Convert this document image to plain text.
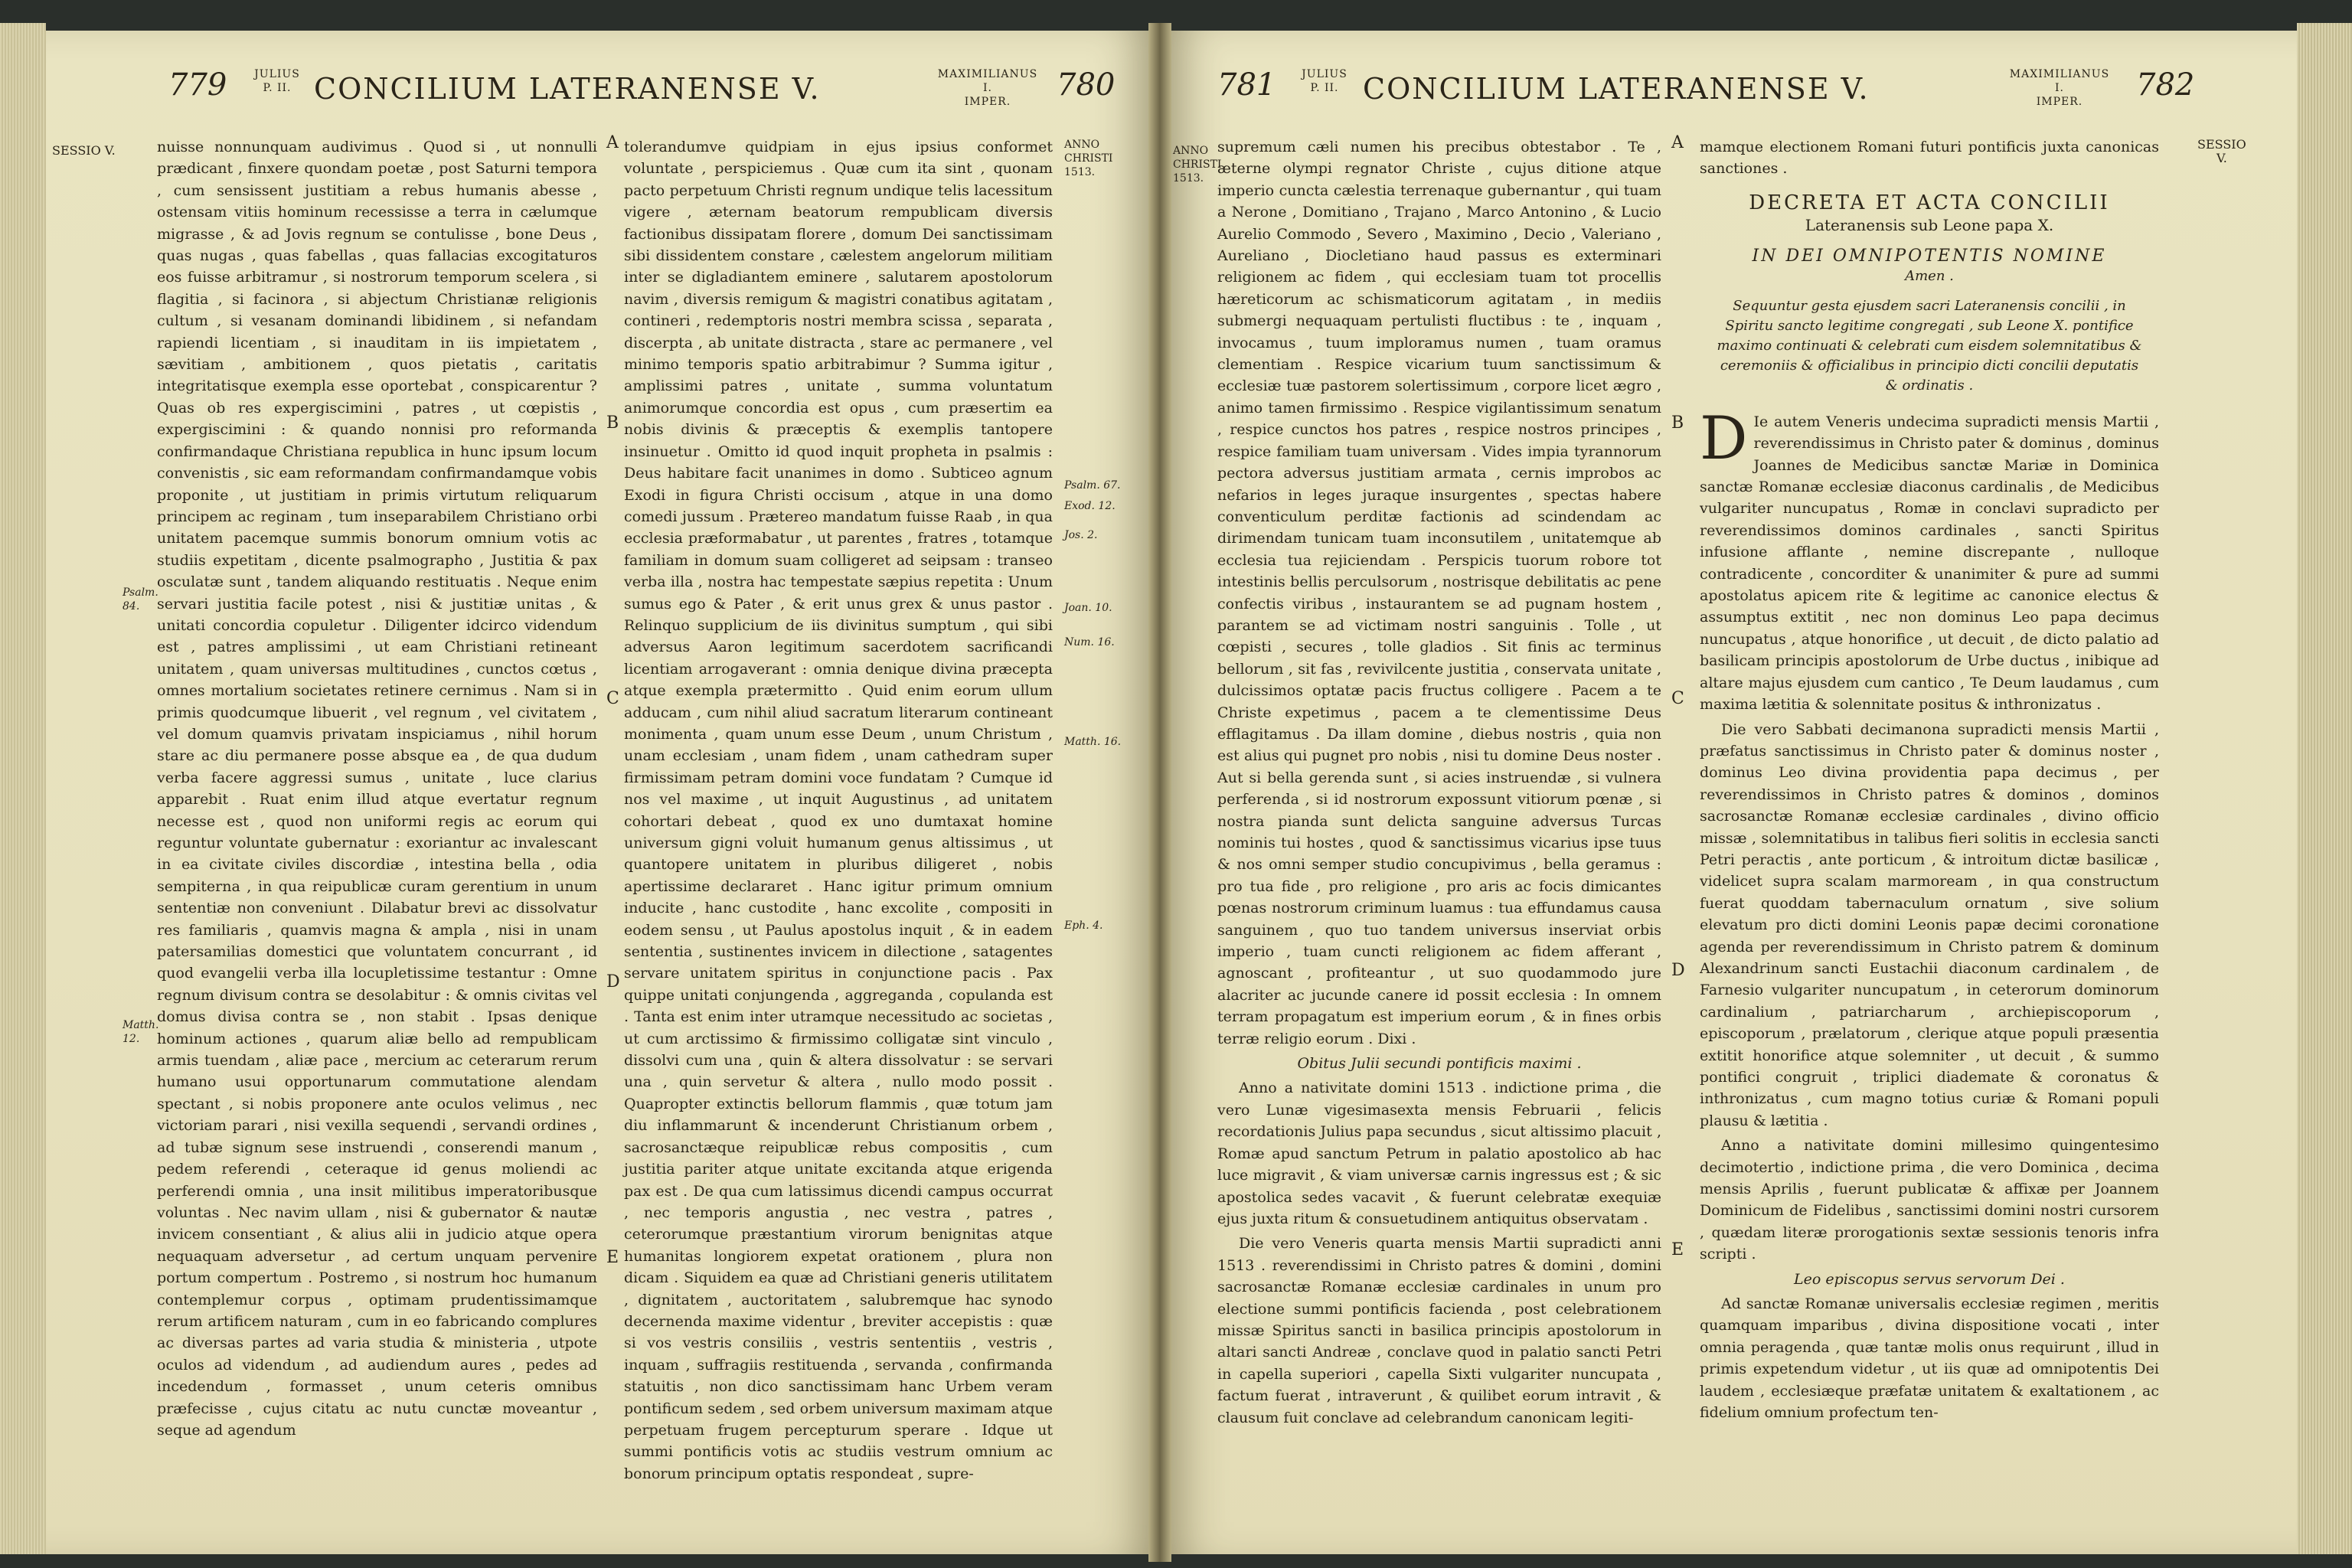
779	JULIUS
P. II. CONCILIUM LATERANENSE V.	MAXIMILIANUS I.
IMPER.	780
SESSIO V.	nuisse nonnunquam audivimus . Quod si , ut nonnulli prædicant , finxere quondam poetæ , post Saturni tempora , cum sensissent justitiam a rebus humanis abesse , ostensam vitiis hominum recessisse a terra in cælumque migrasse , & ad Jovis regnum se contulisse , bone Deus , quas nugas , quas fabellas , quas fallacias excogitaturos eos fuisse arbitramur , si nostrorum temporum scelera , si flagitia , si facinora , si abjectum Christianæ religionis cultum , si vesanam dominandi libidinem , si nefandam rapiendi licentiam , si inauditam in iis impietatem , sævitiam , ambitionem , quos pietatis , caritatis integritatisque exempla esse oportebat , conspicarentur ? Quas ob res expergiscimini , patres , ut cœpistis , expergiscimini : & quando nonnisi pro reformanda confirmandaque Christiana republica in hunc ipsum locum convenistis , sic eam reformandam confirmandamque vobis proponite , ut justitiam in primis virtutum reliquarum principem ac reginam , tum inseparabilem Christiano orbi unitatem pacemque summis bonorum omnium votis ac studiis expetitam , dicente psalmographo , Justitia & pax osculatæ sunt , tandem aliquando restituatis . Neque enim servari justitia facile potest , nisi & justitiæ unitas , & unitati concordia copuletur . Diligenter idcirco videndum est , patres amplissimi , ut eam Christiani retineant unitatem , quam universas multitudines , cunctos cœtus , omnes mortalium societates retinere cernimus . Nam si in primis quodcumque libuerit , vel regnum , vel civitatem , vel domum quamvis privatam inspiciamus , nihil horum stare ac diu permanere posse absque ea , de qua dudum verba facere aggressi sumus , unitate , luce clarius apparebit . Ruat enim illud atque evertatur regnum necesse est , quod non uniformi regis ac eorum qui reguntur voluntate gubernatur : exoriantur ac invalescant in ea civitate civiles discordiæ , intestina bella , odia sempiterna , in qua reipublicæ curam gerentium in unum sententiæ non conveniunt . Dilabatur brevi ac dissolvatur res familiaris , quamvis magna & ampla , nisi in unam patersamilias domestici que voluntatem concurrant , id quod evangelii verba illa locupletissime testantur : Omne regnum divisum contra se desolabitur : & omnis civitas vel domus divisa contra se , non stabit . Ipsas denique hominum actiones , quarum aliæ bello ad rempublicam armis tuendam , aliæ pace , mercium ac ceterarum rerum humano usui opportunarum commutatione alendam spectant , si nobis proponere ante oculos velimus , nec victoriam parari , nisi vexilla sequendi , servandi ordines , ad tubæ signum sese instruendi , conserendi manum , pedem referendi , ceteraque id genus moliendi ac perferendi omnia , una insit militibus imperatoribusque voluntas . Nec navim ullam , nisi & gubernator & nautæ invicem consentiant , & alius alii in judicio atque opera nequaquam adversetur , ad certum unquam pervenire portum compertum . Postremo , si nostrum hoc humanum contemplemur corpus , optimam prudentissimamque rerum artificem naturam , cum in eo fabricando complures ac diversas partes ad varia studia & ministeria , utpote oculos ad videndum , ad audiendum aures , pedes ad incedendum , formasset , unum ceteris omnibus præfecisse , cujus citatu ac nutu cunctæ moveantur , seque ad agendum

A
B
C
D
E
Psalm. 84.
Matth. 12.

tolerandumve quidpiam in ejus ipsius conformet voluntate , perspiciemus . Quæ cum ita sint , quonam pacto perpetuum Christi regnum undique telis lacessitum vigere , æternam beatorum rempublicam diversis factionibus dissipatam florere , domum Dei sanctissimam sibi dissidentem constare , cælestem angelorum militiam inter se digladiantem eminere , salutarem apostolorum navim , diversis remigum & magistri conatibus agitatam , contineri , redemptoris nostri membra scissa , separata , discerpta , ab unitate distracta , stare ac permanere , vel minimo temporis spatio arbitrabimur ? Summa igitur , amplissimi patres , unitate , summa voluntatum animorumque concordia est opus , cum præsertim ea nobis divinis & præceptis & exemplis tantopere insinuetur . Omitto id quod inquit propheta in psalmis : Deus habitare facit unanimes in domo . Subticeo agnum Exodi in figura Christi occisum , atque in una domo comedi jussum . Prætereo mandatum fuisse Raab , in qua ecclesia præformabatur , ut parentes , fratres , totamque familiam in domum suam colligeret ad seipsam : transeo verba illa , nostra hac tempestate sæpius repetita : Unum sumus ego & Pater , & erit unus grex & unus pastor . Relinquo supplicium de iis divinitus sumptum , qui sibi adversus Aaron legitimum sacerdotem sacrificandi licentiam arrogaverant : omnia denique divina præcepta atque exempla prætermitto . Quid enim eorum ullum adducam , cum nihil aliud sacratum literarum contineant monimenta , quam unum esse Deum , unum Christum , unam ecclesiam , unam fidem , unam cathedram super firmissimam petram domini voce fundatam ? Cumque id nos vel maxime , ut inquit Augustinus , ad unitatem cohortari debeat , quod ex uno dumtaxat homine universum gigni voluit humanum genus altissimus , ut quantopere unitatem in pluribus diligeret , nobis apertissime declararet . Hanc igitur primum omnium inducite , hanc custodite , hanc excolite , compositi in eodem sensu , ut Paulus apostolus inquit , & in eadem sententia , sustinentes invicem in dilectione , satagentes servare unitatem spiritus in conjunctione pacis . Pax quippe unitati conjungenda , aggreganda , copulanda est . Tanta est enim inter utramque necessitudo ac societas , ut cum arctissimo & firmissimo colligatæ sint vinculo , dissolvi cum una , quin & altera dissolvatur : se servari una , quin servetur & altera , nullo modo possit . Quapropter extinctis bellorum flammis , quæ totum jam diu inflammarunt & incenderunt Christianum orbem , sacrosanctæque reipublicæ rebus compositis , cum justitia pariter atque unitate excitanda atque erigenda pax est . De qua cum latissimus dicendi campus occurrat , nec temporis angustia , nec vestra , patres , ceterorumque præstantium virorum benignitas atque humanitas longiorem expetat orationem , plura non dicam . Siquidem ea quæ ad Christiani generis utilitatem , dignitatem , auctoritatem , salubremque hac synodo decernenda maxime videntur , breviter accepistis : quæ si vos vestris consiliis , vestris sententiis , vestris , inquam , suffragiis restituenda , servanda , confirmanda statuitis , non dico sanctissimam hanc Urbem veram pontificum sedem , sed orbem universum maximam atque perpetuam frugem percepturum sperare . Idque ut summi pontificis votis ac studiis vestrum omnium ac bonorum principum optatis respondeat , supre-

ANNO
CHRISTI
1513.
Psalm. 67.
Exod. 12.
Jos. 2.
Joan. 10.
Num. 16.
Matth. 16.
Eph. 4.
781 JULIUS
P. II. CONCILIUM LATERANENSE V.	MAXIMILIANUS I.
IMPER.	782
ANNO
CHRISTI
1513.
SESSIO
V.

supremum cæli numen his precibus obtestabor . Te , æterne olympi regnator Christe , cujus ditione atque imperio cuncta cælestia terrenaque gubernantur , qui tuam a Nerone , Domitiano , Trajano , Marco Antonino , & Lucio Aurelio Commodo , Severo , Maximino , Decio , Valeriano , Aureliano , Diocletiano haud passus es exterminari religionem ac fidem , qui ecclesiam tuam tot procellis hæreticorum ac schismaticorum agitatam , in mediis submergi nequaquam pertulisti fluctibus : te , inquam , invocamus , tuum imploramus numen , tuam oramus clementiam . Respice vicarium tuum sanctissimum & ecclesiæ tuæ pastorem solertissimum , corpore licet ægro , animo tamen firmissimo . Respice vigilantissimum senatum , respice cunctos hos patres , respice nostros principes , respice familiam tuam universam . Vides impia tyrannorum pectora adversus justitiam armata , cernis improbos ac nefarios in leges juraque insurgentes , spectas habere conventiculum perditæ factionis ad scindendam ac dirimendam tunicam tuam inconsutilem , unitatemque ab ecclesia tua rejiciendam . Perspicis tuorum robore tot intestinis bellis perculsorum , nostrisque debilitatis ac pene confectis viribus , instaurantem se ad pugnam hostem , parantem se ad victimam nostri sanguinis . Tolle , ut cœpisti , secures , tolle gladios . Sit finis ac terminus bellorum , sit fas , revivilcente justitia , conservata unitate , dulcissimos optatæ pacis fructus colligere . Pacem a te Christe expetimus , pacem a te clementissime Deus efflagitamus . Da illam domine , diebus nostris , quia non est alius qui pugnet pro nobis , nisi tu domine Deus noster . Aut si bella gerenda sunt , si acies instruendæ , si vulnera perferenda , si id nostrorum expossunt vitiorum pœnæ , si nostra pianda sunt delicta sanguine adversus Turcas nominis tui hostes , quod & sanctissimus vicarius ipse tuus & nos omni semper studio concupivimus , bella geramus : pro tua fide , pro religione , pro aris ac focis dimicantes pœnas nostrorum criminum luamus : tua effundamus causa sanguinem , quo tuo tandem universus inserviat orbis imperio , tuam cuncti religionem ac fidem afferant , agnoscant , profiteantur , ut suo quodammodo jure alacriter ac jucunde canere id possit ecclesia : In omnem terram propagatum est imperium eorum , & in fines orbis terræ religio eorum . Dixi .

Obitus Julii secundi pontificis maximi .

Anno a nativitate domini 1513 . indictione prima , die vero Lunæ vigesimasexta mensis Februarii , felicis recordationis Julius papa secundus , sicut altissimo placuit , Romæ apud sanctum Petrum in palatio apostolico ab hac luce migravit , & viam universæ carnis ingressus est ; & sic apostolica sedes vacavit , & fuerunt celebratæ exequiæ ejus juxta ritum & consuetudinem antiquitus observatam .

Die vero Veneris quarta mensis Martii supradicti anni 1513 . reverendissimi in Christo patres & domini , domini sacrosanctæ Romanæ ecclesiæ cardinales in unum pro electione summi pontificis facienda , post celebrationem missæ Spiritus sancti in basilica principis apostolorum in altari sancti Andreæ , conclave quod in palatio sancti Petri in capella superiori , capella Sixti vulgariter nuncupata , factum fuerat , intraverunt , & quilibet eorum intravit , & clausum fuit conclave ad celebrandum canonicam legiti-

A
B
C
D
E

mamque electionem Romani futuri pontificis juxta canonicas sanctiones .

DECRETA ET ACTA CONCILII
Lateranensis sub Leone papa X.
IN DEI OMNIPOTENTIS NOMINE
Amen .
Sequuntur gesta ejusdem sacri Lateranensis concilii , in Spiritu sancto legitime congregati , sub Leone X. pontifice maximo continuati & celebrati cum eisdem solemnitatibus & ceremoniis & officialibus in principio dicti concilii deputatis & ordinatis .

D Ie autem Veneris undecima supradicti mensis Martii , reverendissimus in Christo pater & dominus , dominus Joannes de Medicibus sanctæ Mariæ in Dominica sanctæ Romanæ ecclesiæ diaconus cardinalis , de Medicibus vulgariter nuncupatus , Romæ in conclavi supradicto per reverendissimos dominos cardinales , sancti Spiritus infusione afflante , nemine discrepante , nulloque contradicente , concorditer & unanimiter & pure ad summi apostolatus apicem rite & legitime ac canonice electus & assumptus extitit , nec non dominus Leo papa decimus nuncupatus , atque honorifice , ut decuit , de dicto palatio ad basilicam principis apostolorum de Urbe ductus , inibique ad altare majus ejusdem cum cantico , Te Deum laudamus , cum maxima lætitia & solennitate positus & inthronizatus .

Die vero Sabbati decimanona supradicti mensis Martii , præfatus sanctissimus in Christo pater & dominus noster , dominus Leo divina providentia papa decimus , per reverendissimos in Christo patres & dominos , dominos sacrosanctæ Romanæ ecclesiæ cardinales , divino officio missæ , solemnitatibus in talibus fieri solitis in ecclesia sancti Petri peractis , ante porticum , & introitum dictæ basilicæ , videlicet supra scalam marmoream , in qua constructum fuerat quoddam tabernaculum ornatum , sive solium elevatum pro dicti domini Leonis papæ decimi coronatione agenda per reverendissimum in Christo patrem & dominum Alexandrinum sancti Eustachii diaconum cardinalem , de Farnesio vulgariter nuncupatum , in ceterorum dominorum cardinalium , patriarcharum , archiepiscoporum , episcoporum , prælatorum , clerique atque populi præsentia extitit honorifice atque solemniter , ut decuit , & summo pontifici congruit , triplici diademate & coronatus & inthronizatus , cum magno totius curiæ & Romani populi plausu & lætitia .

Anno a nativitate domini millesimo quingentesimo decimotertio , indictione prima , die vero Dominica , decima mensis Aprilis , fuerunt publicatæ & affixæ per Joannem Dominicum de Fidelibus , sanctissimi domini nostri cursorem , quædam literæ prorogationis sextæ sessionis tenoris infra scripti .

Leo episcopus servus servorum Dei .

Ad sanctæ Romanæ universalis ecclesiæ regimen , meritis quamquam imparibus , divina dispositione vocati , inter omnia peragenda , quæ tantæ molis onus requirunt , illud in primis expetendum videtur , ut iis quæ ad omnipotentis Dei laudem , ecclesiæque præfatæ unitatem & exaltationem , ac fidelium omnium profectum ten-
